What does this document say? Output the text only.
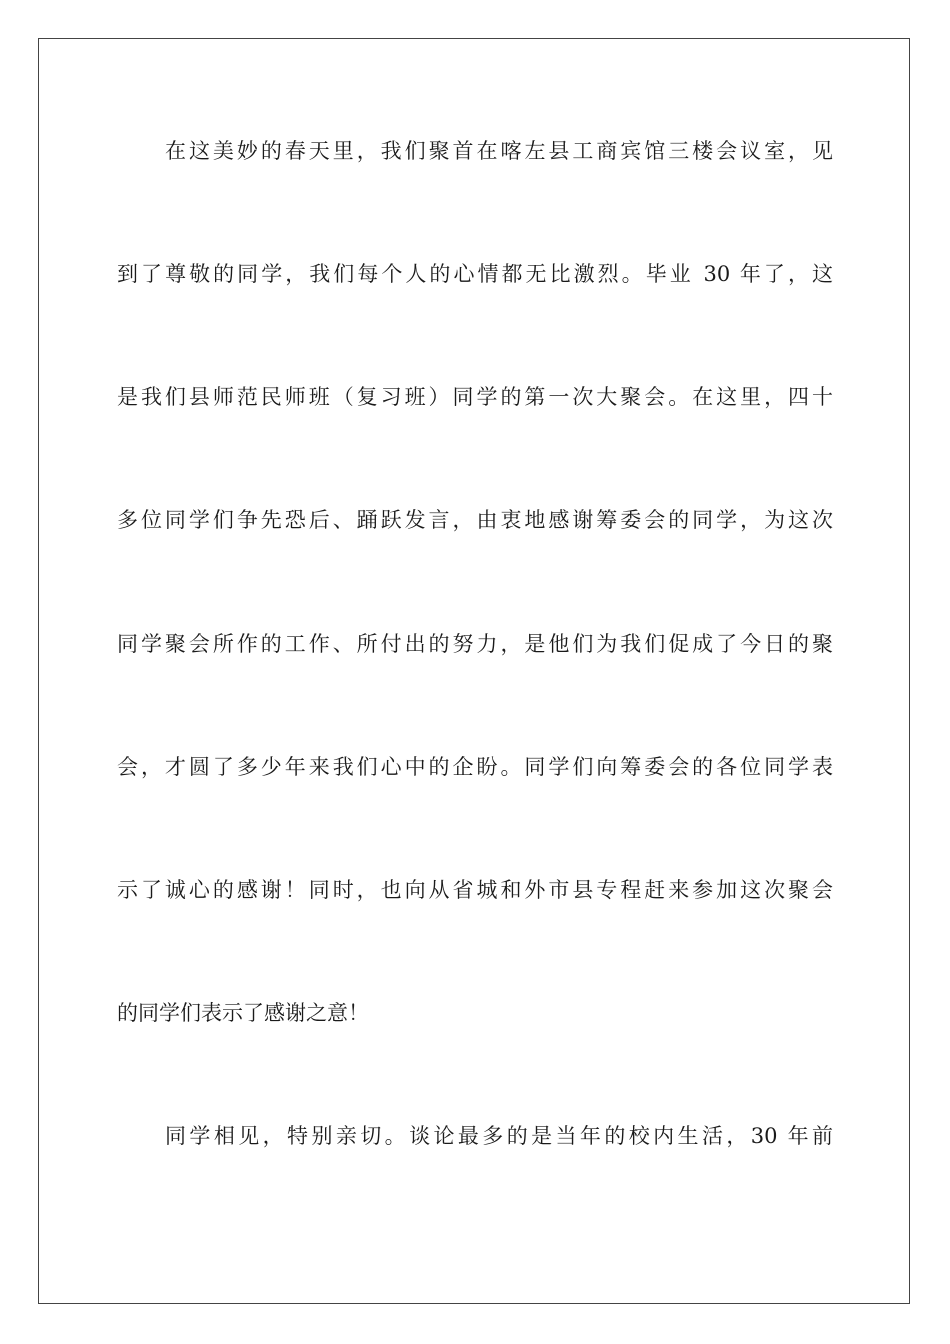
在这美妙的春天里，我们聚首在喀左县工商宾馆三楼会议室，见

到了尊敬的同学，我们每个人的心情都无比激烈。毕业 30 年了，这

是我们县师范民师班（复习班）同学的第一次大聚会。在这里，四十

多位同学们争先恐后、踊跃发言，由衷地感谢筹委会的同学，为这次

同学聚会所作的工作、所付出的努力，是他们为我们促成了今日的聚

会，才圆了多少年来我们心中的企盼。同学们向筹委会的各位同学表

示了诚心的感谢！同时，也向从省城和外市县专程赶来参加这次聚会

的同学们表示了感谢之意！

同学相见，特别亲切。谈论最多的是当年的校内生活，30 年前
